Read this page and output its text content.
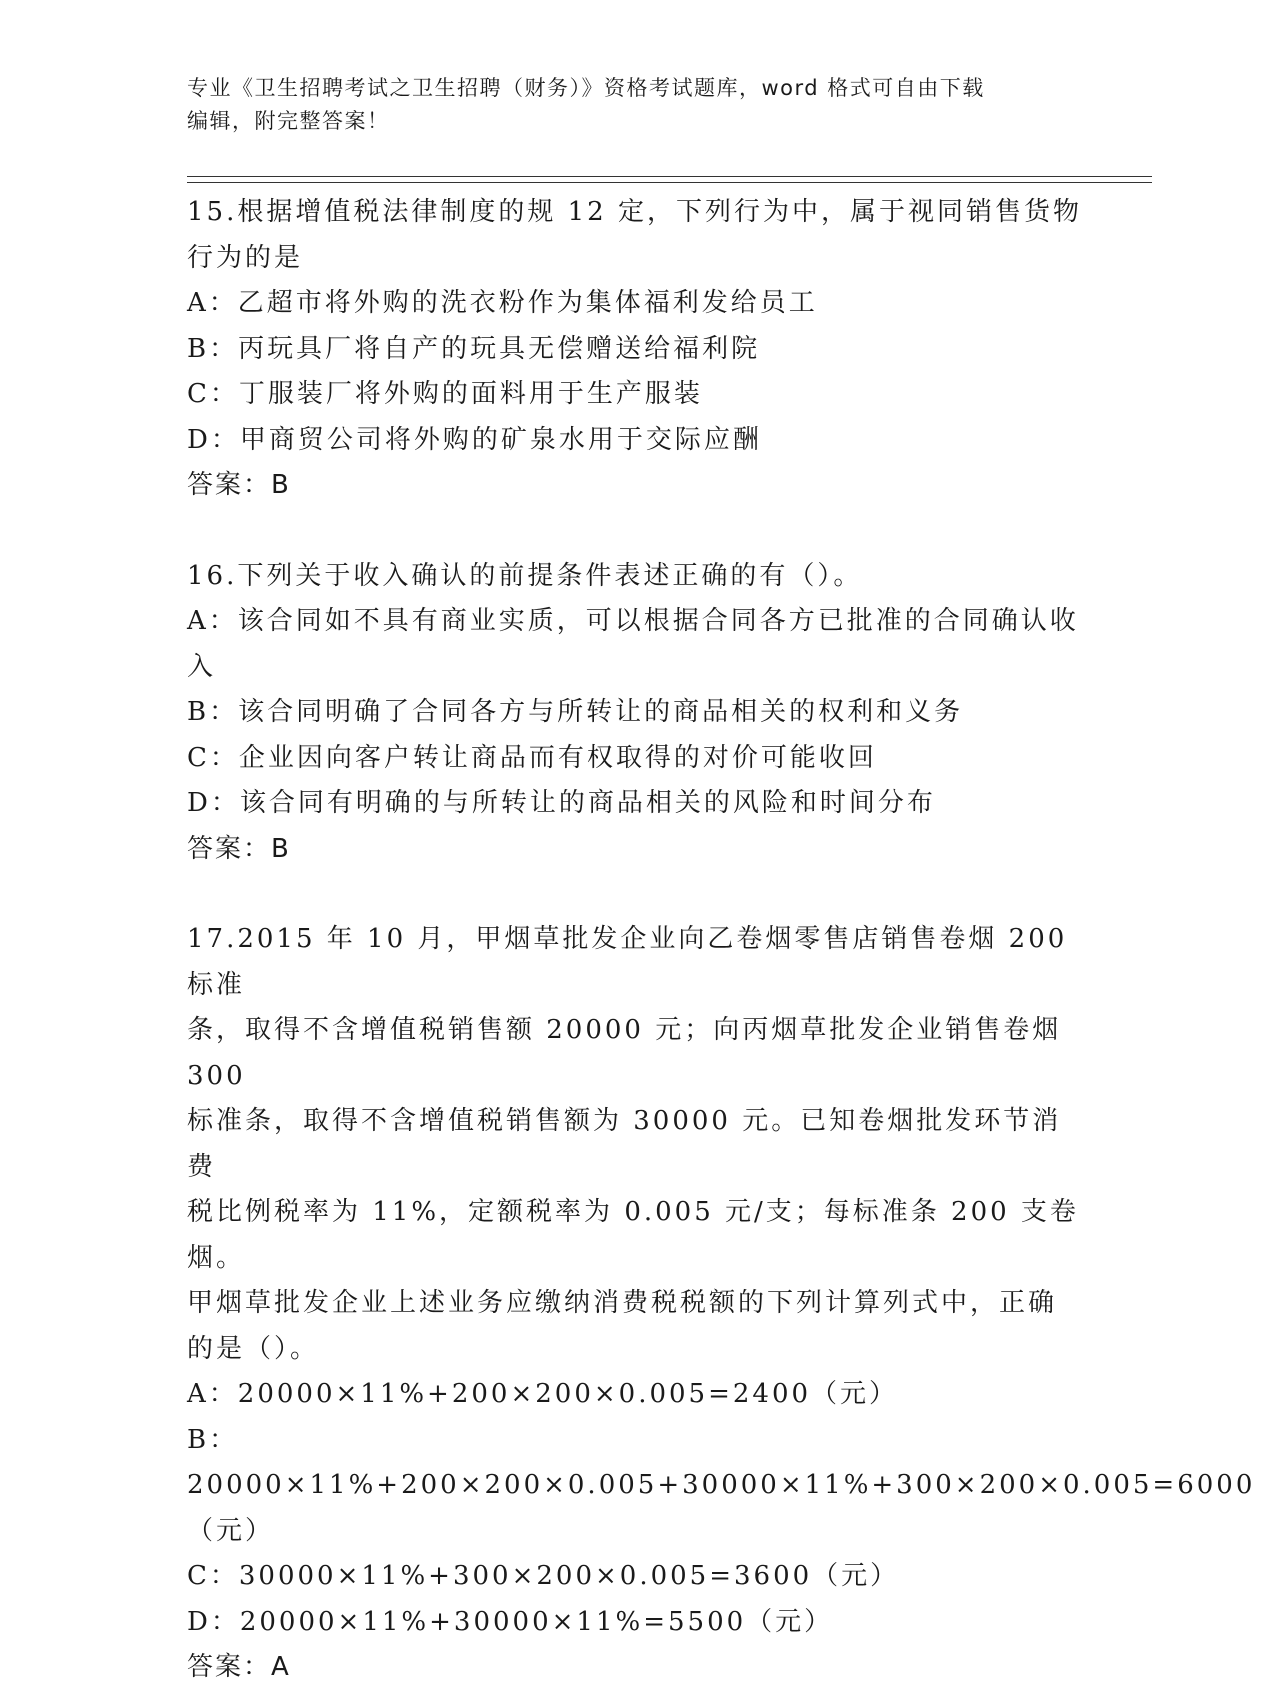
专业《卫生招聘考试之卫生招聘（财务）》资格考试题库，word 格式可自由下载
编辑，附完整答案！
15.根据增值税法律制度的规 12 定，下列行为中，属于视同销售货物
行为的是
A：乙超市将外购的洗衣粉作为集体福利发给员工
B：丙玩具厂将自产的玩具无偿赠送给福利院
C：丁服装厂将外购的面料用于生产服装
D：甲商贸公司将外购的矿泉水用于交际应酬
答案：B
16.下列关于收入确认的前提条件表述正确的有（）。
A：该合同如不具有商业实质，可以根据合同各方已批准的合同确认收
入
B：该合同明确了合同各方与所转让的商品相关的权利和义务
C：企业因向客户转让商品而有权取得的对价可能收回
D：该合同有明确的与所转让的商品相关的风险和时间分布
答案：B
17.2015 年 10 月，甲烟草批发企业向乙卷烟零售店销售卷烟 200 标准
条，取得不含增值税销售额 20000 元；向丙烟草批发企业销售卷烟 300
标准条，取得不含增值税销售额为 30000 元。已知卷烟批发环节消费
税比例税率为 11%，定额税率为 0.005 元/支；每标准条 200 支卷烟。
甲烟草批发企业上述业务应缴纳消费税税额的下列计算列式中，正确
的是（）。
A：20000×11%+200×200×0.005=2400（元）
B：20000×11%+200×200×0.005+30000×11%+300×200×0.005=6000
（元）
C：30000×11%+300×200×0.005=3600（元）
D：20000×11%+30000×11%=5500（元）
答案：A
